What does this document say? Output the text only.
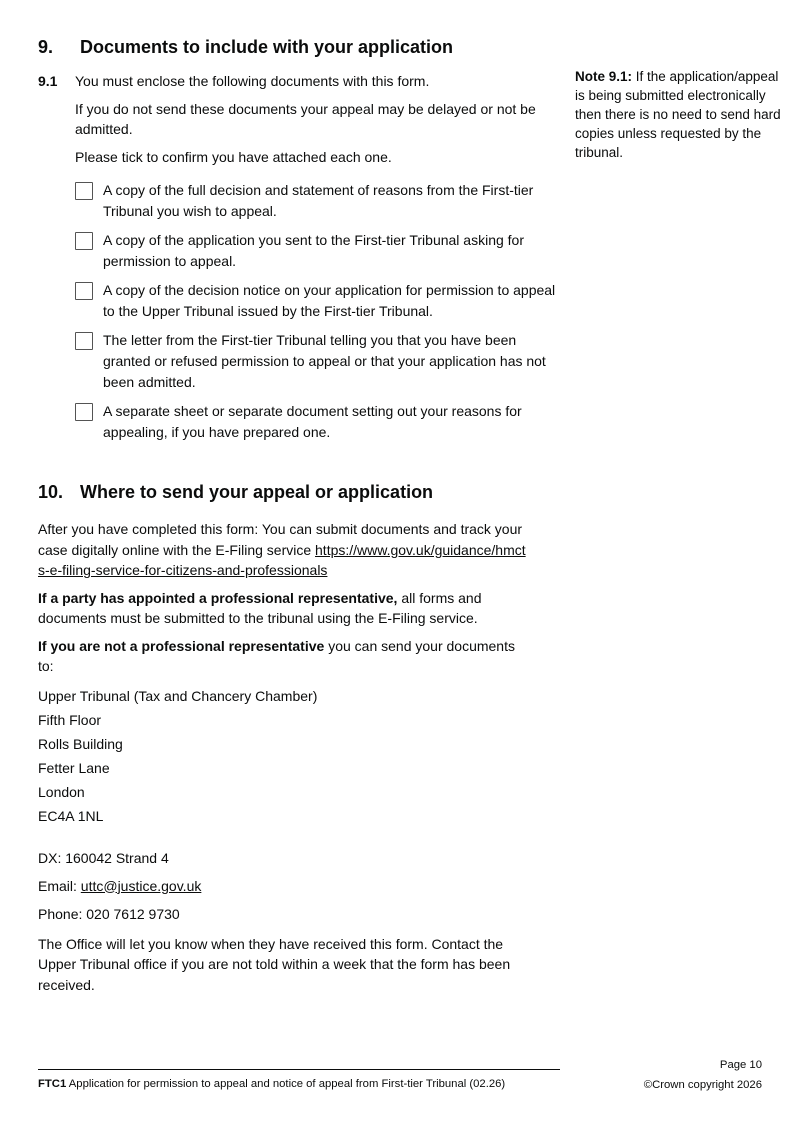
9.	Documents to include with your application
9.1	You must enclose the following documents with this form.

If you do not send these documents your appeal may be delayed or not be admitted.

Please tick to confirm you have attached each one.

A copy of the full decision and statement of reasons from the First-tier Tribunal you wish to appeal.
A copy of the application you sent to the First-tier Tribunal asking for permission to appeal.
A copy of the decision notice on your application for permission to appeal to the Upper Tribunal issued by the First-tier Tribunal.
The letter from the First-tier Tribunal telling you that you have been granted or refused permission to appeal or that your application has not been admitted.
A separate sheet or separate document setting out your reasons for appealing, if you have prepared one.
10. Where to send your appeal or application

After you have completed this form: You can submit documents and track your case digitally online with the E-Filing service https://www.gov.uk/guidance/hmcts-e-filing-service-for-citizens-and-professionals

If a party has appointed a professional representative, all forms and documents must be submitted to the tribunal using the E-Filing service.

If you are not a professional representative you can send your documents to:

Upper Tribunal (Tax and Chancery Chamber)
Fifth Floor
Rolls Building
Fetter Lane
London
EC4A 1NL
DX: 160042 Strand 4
Email: uttc@justice.gov.uk
Phone: 020 7612 9730

The Office will let you know when they have received this form. Contact the Upper Tribunal office if you are not told within a week that the form has been received.

Note 9.1: If the application/appeal is being submitted electronically then there is no need to send hard copies unless requested by the tribunal.
FTC1 Application for permission to appeal and notice of appeal from First-tier Tribunal (02.26)
Page 10
©Crown copyright 2026
